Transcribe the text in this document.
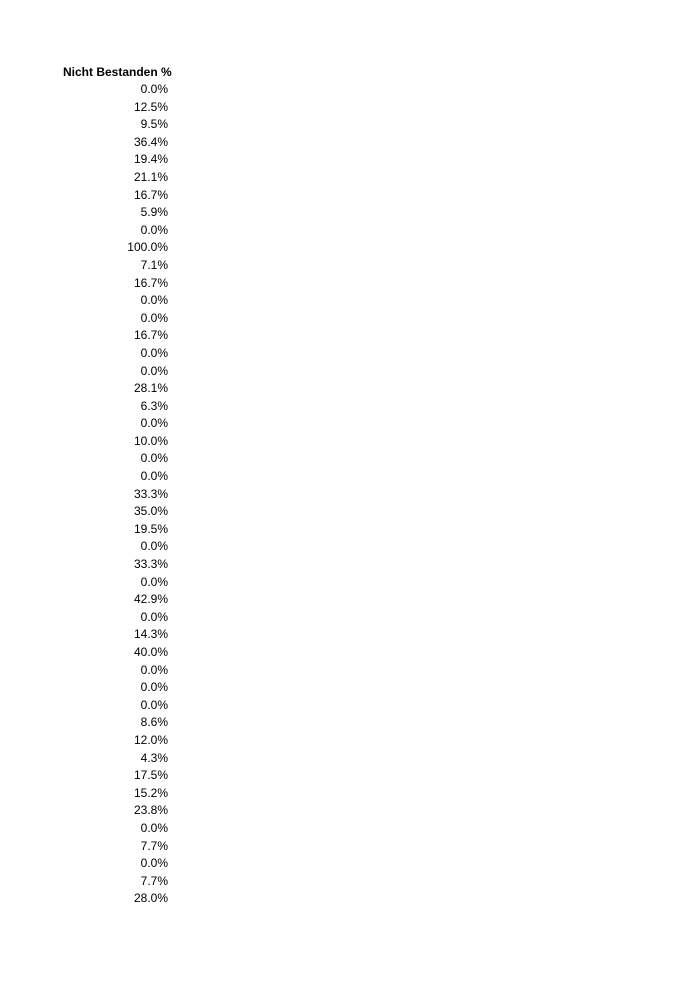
Nicht Bestanden %
0.0%
12.5%
9.5%
36.4%
19.4%
21.1%
16.7%
5.9%
0.0%
100.0%
7.1%
16.7%
0.0%
0.0%
16.7%
0.0%
0.0%
28.1%
6.3%
0.0%
10.0%
0.0%
0.0%
33.3%
35.0%
19.5%
0.0%
33.3%
0.0%
42.9%
0.0%
14.3%
40.0%
0.0%
0.0%
0.0%
8.6%
12.0%
4.3%
17.5%
15.2%
23.8%
0.0%
7.7%
0.0%
7.7%
28.0%
